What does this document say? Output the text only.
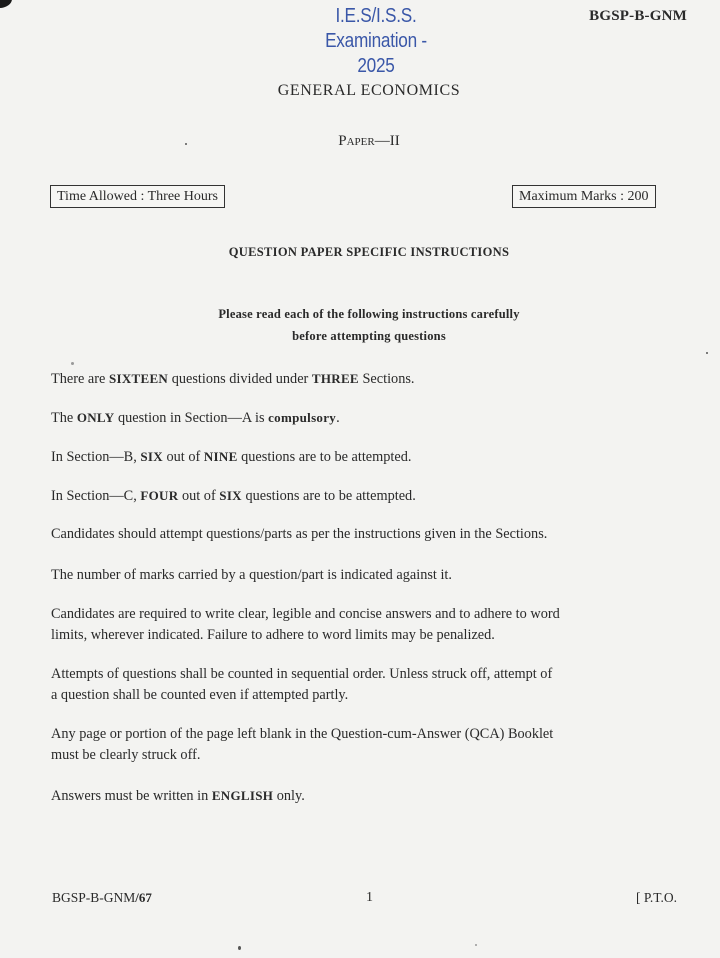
I.E.S/I.S.S.
Examination - 2025
BGSP-B-GNM
GENERAL ECONOMICS
PAPER—II
Time Allowed : Three Hours	Maximum Marks : 200
QUESTION PAPER SPECIFIC INSTRUCTIONS
Please read each of the following instructions carefully
before attempting questions
There are SIXTEEN questions divided under THREE Sections.
The ONLY question in Section—A is compulsory.
In Section—B, SIX out of NINE questions are to be attempted.
In Section—C, FOUR out of SIX questions are to be attempted.
Candidates should attempt questions/parts as per the instructions given in the Sections.
The number of marks carried by a question/part is indicated against it.
Candidates are required to write clear, legible and concise answers and to adhere to word
limits, wherever indicated. Failure to adhere to word limits may be penalized.
Attempts of questions shall be counted in sequential order. Unless struck off, attempt of
a question shall be counted even if attempted partly.
Any page or portion of the page left blank in the Question-cum-Answer (QCA) Booklet
must be clearly struck off.
Answers must be written in ENGLISH only.
BGSP-B-GNM/67	1	[ P.T.O.
